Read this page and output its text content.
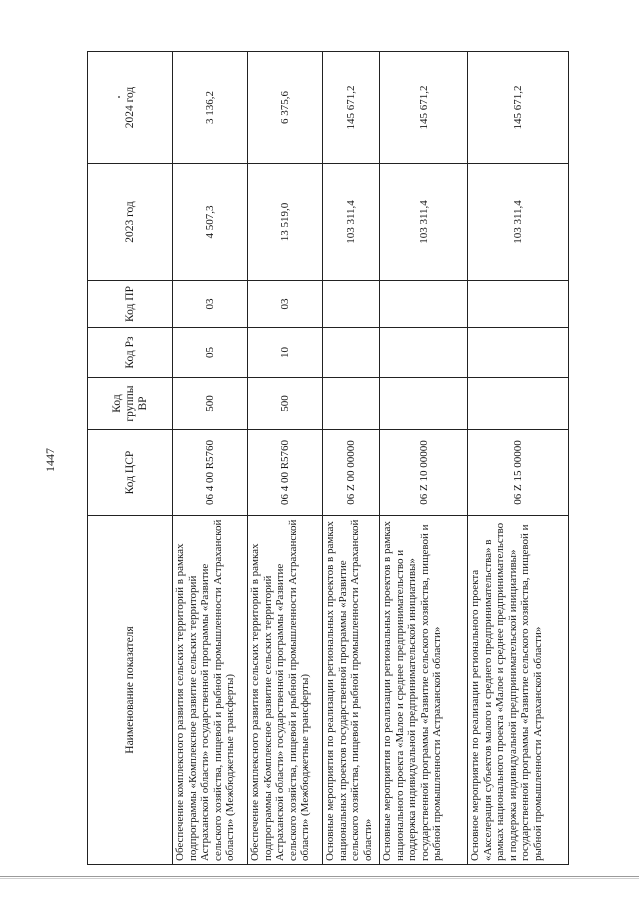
1447
Наименование показателя	Код ЦСР	Код группы ВР	Код Рз	Код ПР	2023 год	2024 год
Обеспечение комплексного развития сельских территорий в рамках подпрограммы «Комплексное развитие сельских территорий Астраханской области» государственной программы «Развитие сельского хозяйства, пищевой и рыбной промышленности Астраханской области» (Межбюджетные трансферты)	06 4 00 R5760	500	05	03	4 507,3	3 136,2
Обеспечение комплексного развития сельских территорий в рамках подпрограммы «Комплексное развитие сельских территорий Астраханской области» государственной программы «Развитие сельского хозяйства, пищевой и рыбной промышленности Астраханской области» (Межбюджетные трансферты)	06 4 00 R5760	500	10	03	13 519,0	6 375,6
Основные мероприятия по реализации региональных проектов в рамках национальных проектов государственной программы «Развитие сельского хозяйства, пищевой и рыбной промышленности Астраханской области»	06 Z 00 00000				103 311,4	145 671,2
Основные мероприятия по реализации региональных проектов в рамках национального проекта «Малое и среднее предпринимательство и поддержка индивидуальной предпринимательской инициативы» государственной программы «Развитие сельского хозяйства, пищевой и рыбной промышленности Астраханской области»	06 Z 10 00000				103 311,4	145 671,2
Основное мероприятие по реализации регионального проекта «Акселерация субъектов малого и среднего предпринимательства» в рамках национального проекта «Малое и среднее предпринимательство и поддержка индивидуальной предпринимательской инициативы» государственной программы «Развитие сельского хозяйства, пищевой и рыбной промышленности Астраханской области»	06 Z 15 00000				103 311,4	145 671,2
